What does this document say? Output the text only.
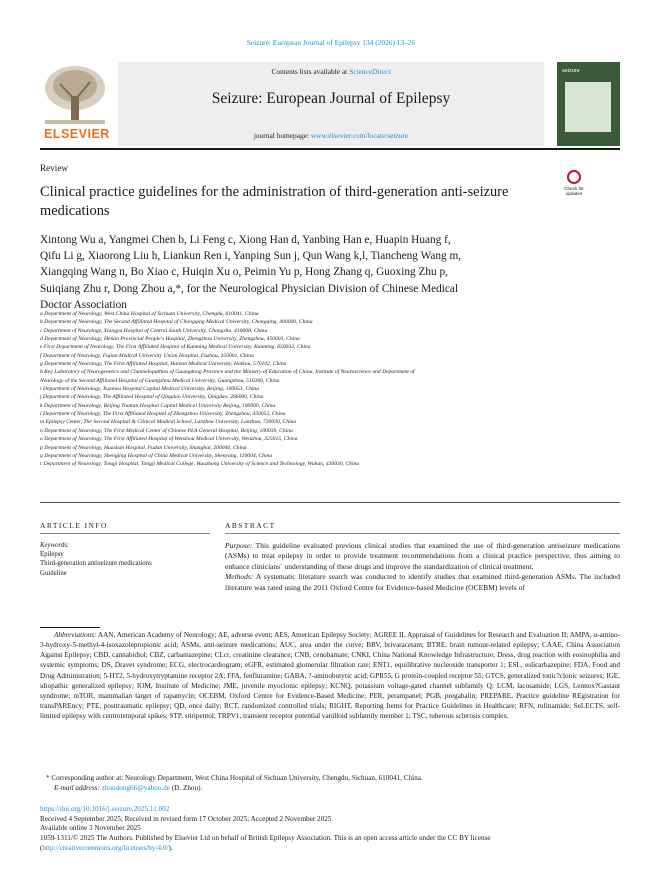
Seizure: European Journal of Epilepsy 134 (2026) 13–26
ELSEVIER
Contents lists available at ScienceDirect
Seizure: European Journal of Epilepsy
journal homepage: www.elsevier.com/locate/seizure
seizure
Review
Check for
updates
Clinical practice guidelines for the administration of third-generation anti-seizure medications
Xintong Wu a, Yangmei Chen b, Li Feng c, Xiong Han d, Yanbing Han e, Huapin Huang f,
Qifu Li g, Xiaorong Liu h, Liankun Ren i, Yanping Sun j, Qun Wang k,l, Tiancheng Wang m,
Xiangqing Wang n, Bo Xiao c, Huiqin Xu o, Peimin Yu p, Hong Zhang q, Guoxing Zhu p,
Suiqiang Zhu r, Dong Zhou a,*, for the Neurological Physician Division of Chinese Medical
Doctor Association
a Department of Neurology, West China Hospital of Sichuan University, Chengdu, 610041, China
b Department of Neurology, The Second Affiliated Hospital of Chongqing Medical University, Chongqing, 400000, China
c Department of Neurology, Xiangya Hospital of Central South University, Changsha, 410008, China
d Department of Neurology, Henan Provincial People's Hospital, Zhengzhou University, Zhengzhou, 450003, China
e First Department of Neurology, The First Affiliated Hospital of Kunming Medical University, Kunming, 650032, China
f Department of Neurology, Fujian Medical University Union Hospital, Fuzhou, 350001, China
g Department of Neurology, The First Affiliated Hospital, Hainan Medical University, Haikou, 570102, China
h Key Laboratory of Neurogenetics and Channelopathies of Guangdong Province and the Ministry of Education of China, Institute of Neuroscience and Department of
Neurology of the Second Affiliated Hospital of Guangzhou Medical University, Guangzhou, 510260, China
i Department of Neurology, Xuanwu Hospital Capital Medical University, Beijing, 100053, China
j Department of Neurology, The Affiliated Hospital of Qingdao University, Qingdao, 266000, China
k Department of Neurology, Beijing Tiantan Hospital Capital Medical University Beijing, 100000, China
l Department of Neurology, The First Affiliated Hospital of Zhengzhou University, Zhengzhou, 450052, China
m Epilepsy Center, The Second Hospital & Clinical Medical School, Lanzhou University, Lanzhou, 730030, China
n Department of Neurology, The First Medical Center of Chinese PLA General Hospital, Beijing, 100039, China
o Department of Neurology, The First Affiliated Hospital of Wenzhou Medical University, Wenzhou, 325015, China
p Department of Neurology, Huashan Hospital, Fudan University, Shanghai, 200040, China
q Department of Neurology, Shengjing Hospital of China Medical University, Shenyang, 110004, China
r Department of Neurology, Tongji Hospital, Tongji Medical College, Huazhong University of Science and Technology, Wuhan, 430030, China
ARTICLE INFO	ABSTRACT
Keywords:
Epilepsy
Third-generation antiseizure medications
Guideline
Purpose: This guideline evaluated previous clinical studies that examined the use of third-generation antiseizure medications (ASMs) to treat epilepsy in order to provide treatment recommendations from a clinical practice perspective, thus aiming to enhance clinicians` understanding of these drugs and improve the standardization of clinical treatment.
Methods: A systematic literature search was conducted to identify studies that examined third-generation ASMs. The included literature was rated using the 2011 Oxford Centre for Evidence-based Medicine (OCEBM) levels of
Abbreviations: AAN, American Academy of Neurology; AE, adverse event; AES, American Epilepsy Society; AGREE II, Appraisal of Guidelines for Research and Evaluation II; AMPA, α-amino-3-hydroxy-5-methyl-4-isoxazolepropionic acid; ASMs, anti-seizure medications; AUC, area under the curve; BRV, brivaracetam; BTRE, brain tumour-related epilepsy; CAAE, China Association Against Epilepsy; CBD, cannabidiol; CBZ, carbamazepine; CLcr, creatinine clearance; CNB, cenobamate; CNKI, China National Knowledge Infrastructure; Dress, drug reaction with eosinophilia and systemic symptoms; DS, Dravet syndrome; ECG, electrocardiogram; eGFR, estimated glomerular filtration rate; ENT1, equilibrative nucleoside transporter 1; ESL, eslicarbazepine; FDA, Food and Drug Administration; 5-HT2, 5-hydroxytryptamine receptor 2A; FFA, fenfluramine; GABA, ?-aminobutyric acid; GPR55, G protein-coupled receptor 55; GTCS, generalized tonic?clonic seizures; IGE, idiopathic generalized epilepsy; IOM, Institute of Medicine; JME, juvenile myoclonic epilepsy; KCNQ, potassium voltage-gated channel subfamily Q; LCM, lacosamide; LGS, Lennox?Gastaut syndrome; mTOR, mammalian target of rapamycin; OCEBM, Oxford Centre for Evidence-Based Medicine; PER, perampanel; PGB, pregabalin; PREPARE, Practice guideline REgistration for transPAREncy; PTE, posttraumatic epilepsy; QD, once daily; RCT, randomized controlled trials; RIGHT, Reporting Items for Practice Guidelines in Healthcare; RFN, rufinamide; SeLECTS, self-limited epilepsy with centrotemporal spikes; STP, stiripentol; TRPV1, transient receptor potential vanilloid subfamily member 1; TSC, tuberous sclerosis complex.
* Corresponding author at: Neurology Department, West China Hospital of Sichuan University, Chengdu, Sichuan, 610041, China.
E-mail address: zhoudong66@yahoo.de (D. Zhou).
https://doi.org/10.1016/j.seizure.2025.11.002
Received 4 September 2025; Received in revised form 17 October 2025; Accepted 2 November 2025
Available online 3 November 2025
1059-1311/© 2025 The Authors. Published by Elsevier Ltd on behalf of British Epilepsy Association. This is an open access article under the CC BY license
(http://creativecommons.org/licenses/by/4.0/).
